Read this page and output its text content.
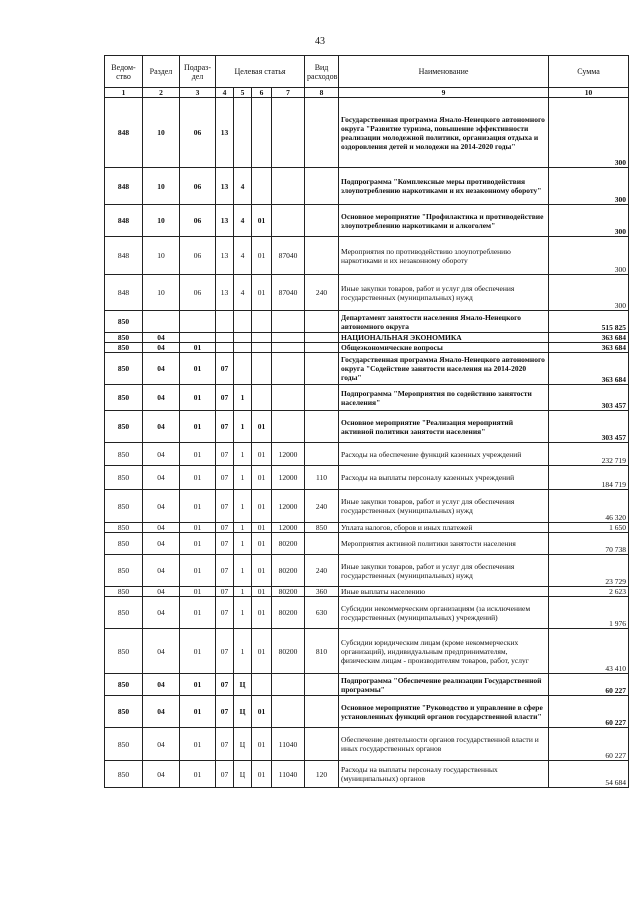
43
Ведом-ство	Раздел	Подраз-дел	Целевая статья				Вид расходов	Наименование	Сумма
1	2	3	4	5	6	7	8	9	10
848	10	06	13					Государственная программа Ямало-Ненецкого автономного округа "Развитие туризма, повышение эффективности реализации молодежной политики, организация отдыха и оздоровления детей и молодежи на 2014-2020 годы"	300
848	10	06	13	4				Подпрограмма "Комплексные меры противодействия злоупотреблению наркотиками и их незаконному обороту"	300
848	10	06	13	4	01			Основное мероприятие "Профилактика и противодействие злоупотреблению наркотиками и алкоголем"	300
848	10	06	13	4	01	87040		Мероприятия по противодействию злоупотреблению наркотиками и их незаконному обороту	300
848	10	06	13	4	01	87040	240	Иные закупки товаров, работ и услуг для обеспечения государственных (муниципальных) нужд	300
850								Департамент занятости населения Ямало-Ненецкого автономного округа	515 825
850	04							НАЦИОНАЛЬНАЯ ЭКОНОМИКА	363 684
850	04	01						Общеэкономические вопросы	363 684
850	04	01	07					Государственная программа Ямало-Ненецкого автономного округа "Содействие занятости населения на 2014-2020 годы"	363 684
850	04	01	07	1				Подпрограмма "Мероприятия по содействию занятости населения"	303 457
850	04	01	07	1	01			Основное мероприятие "Реализация мероприятий активной политики занятости населения"	303 457
850	04	01	07	1	01	12000		Расходы на обеспечение функций казенных учреждений	232 719
850	04	01	07	1	01	12000	110	Расходы на выплаты персоналу казенных учреждений	184 719
850	04	01	07	1	01	12000	240	Иные закупки товаров, работ и услуг для обеспечения государственных (муниципальных) нужд	46 320
850	04	01	07	1	01	12000	850	Уплата налогов, сборов и иных платежей	1 650
850	04	01	07	1	01	80200		Мероприятия активной политики занятости населения	70 738
850	04	01	07	1	01	80200	240	Иные закупки товаров, работ и услуг для обеспечения государственных (муниципальных) нужд	23 729
850	04	01	07	1	01	80200	360	Иные выплаты населению	2 623
850	04	01	07	1	01	80200	630	Субсидии некоммерческим организациям (за исключением государственных (муниципальных) учреждений)	1 976
850	04	01	07	1	01	80200	810	Субсидии юридическим лицам (кроме некоммерческих организаций), индивидуальным предпринимателям, физическим лицам - производителям товаров, работ, услуг	43 410
850	04	01	07	Ц				Подпрограмма "Обеспечение реализации Государственной программы"	60 227
850	04	01	07	Ц	01			Основное мероприятие "Руководство и управление в сфере установленных функций органов государственной власти"	60 227
850	04	01	07	Ц	01	11040		Обеспечение деятельности органов государственной власти и иных государственных органов	60 227
850	04	01	07	Ц	01	11040	120	Расходы на выплаты персоналу государственных (муниципальных) органов	54 684
